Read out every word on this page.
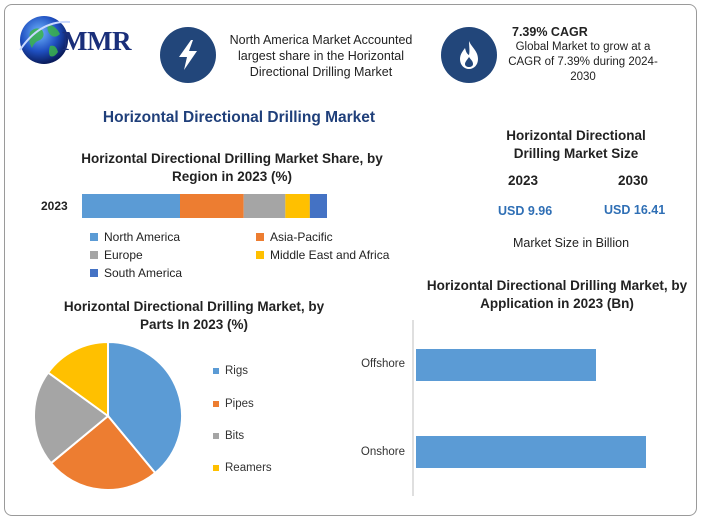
MMR	North America Market Accounted largest share in the Horizontal Directional Drilling Market
7.39% CAGR
Global Market to grow at a CAGR of 7.39% during 2024-2030
Horizontal Directional Drilling Market
Horizontal Directional Drilling Market Share, by Region in 2023 (%)
2023
North America	Asia-Pacific
Europe	Middle East and Africa
South America
Horizontal Directional Drilling Market Size
2023	2030
USD 9.96	USD 16.41
Market Size in Billion
Horizontal Directional Drilling Market, by Parts In 2023 (%)
Rigs
Pipes
Bits
Reamers
Horizontal Directional Drilling Market, by Application in 2023 (Bn)
Offshore
Onshore
